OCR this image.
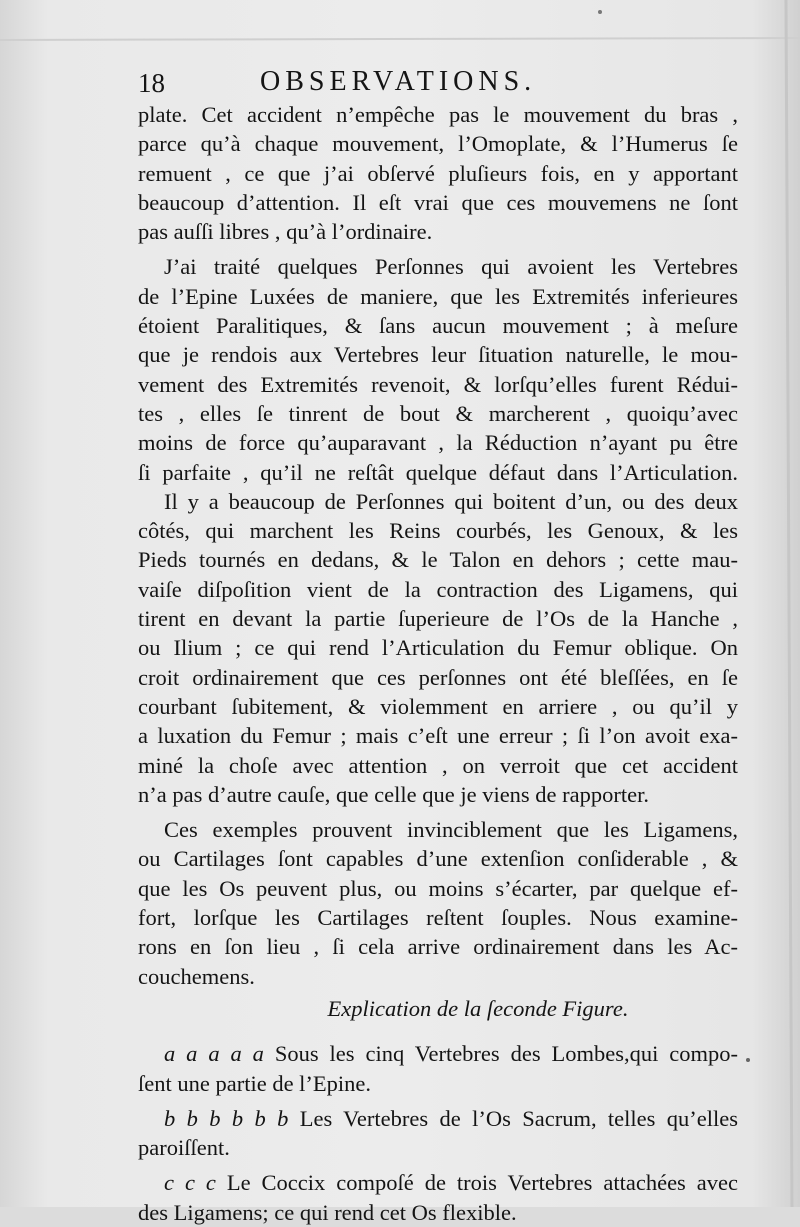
18	OBSERVATIONS.
plate. Cet accident n’empêche pas le mouvement du bras ,
parce qu’à chaque mouvement, l’Omoplate, & l’Humerus ſe
remuent , ce que j’ai obſervé pluſieurs fois, en y apportant
beaucoup d’attention. Il eſt vrai que ces mouvemens ne ſont
pas auſſi libres , qu’à l’ordinaire.
J’ai traité quelques Perſonnes qui avoient les Vertebres
de l’Epine Luxées de maniere, que les Extremités inferieures
étoient Paralitiques, & ſans aucun mouvement ; à meſure
que je rendois aux Vertebres leur ſituation naturelle, le mou-
vement des Extremités revenoit, & lorſqu’elles furent Rédui-
tes , elles ſe tinrent de bout & marcherent , quoiqu’avec
moins de force qu’auparavant , la Réduction n’ayant pu être
ſi parfaite , qu’il ne reſtât quelque défaut dans l’Articulation.
Il y a beaucoup de Perſonnes qui boitent d’un, ou des deux
côtés, qui marchent les Reins courbés, les Genoux, & les
Pieds tournés en dedans, & le Talon en dehors ; cette mau-
vaiſe diſpoſition vient de la contraction des Ligamens, qui
tirent en devant la partie ſuperieure de l’Os de la Hanche ,
ou Ilium ; ce qui rend l’Articulation du Femur oblique. On
croit ordinairement que ces perſonnes ont été bleſſées, en ſe
courbant ſubitement, & violemment en arriere , ou qu’il y
a luxation du Femur ; mais c’eſt une erreur ; ſi l’on avoit exa-
miné la choſe avec attention , on verroit que cet accident
n’a pas d’autre cauſe, que celle que je viens de rapporter.
Ces exemples prouvent invinciblement que les Ligamens,
ou Cartilages ſont capables d’une extenſion conſiderable , &
que les Os peuvent plus, ou moins s’écarter, par quelque ef-
fort, lorſque les Cartilages reſtent ſouples. Nous examine-
rons en ſon lieu , ſi cela arrive ordinairement dans les Ac-
couchemens.
Explication de la ſeconde Figure.
a a a a a Sous les cinq Vertebres des Lombes,qui compo-
ſent une partie de l’Epine.
b b b b b b Les Vertebres de l’Os Sacrum, telles qu’elles
paroiſſent.
c c c Le Coccix compoſé de trois Vertebres attachées avec
des Ligamens; ce qui rend cet Os flexible.
